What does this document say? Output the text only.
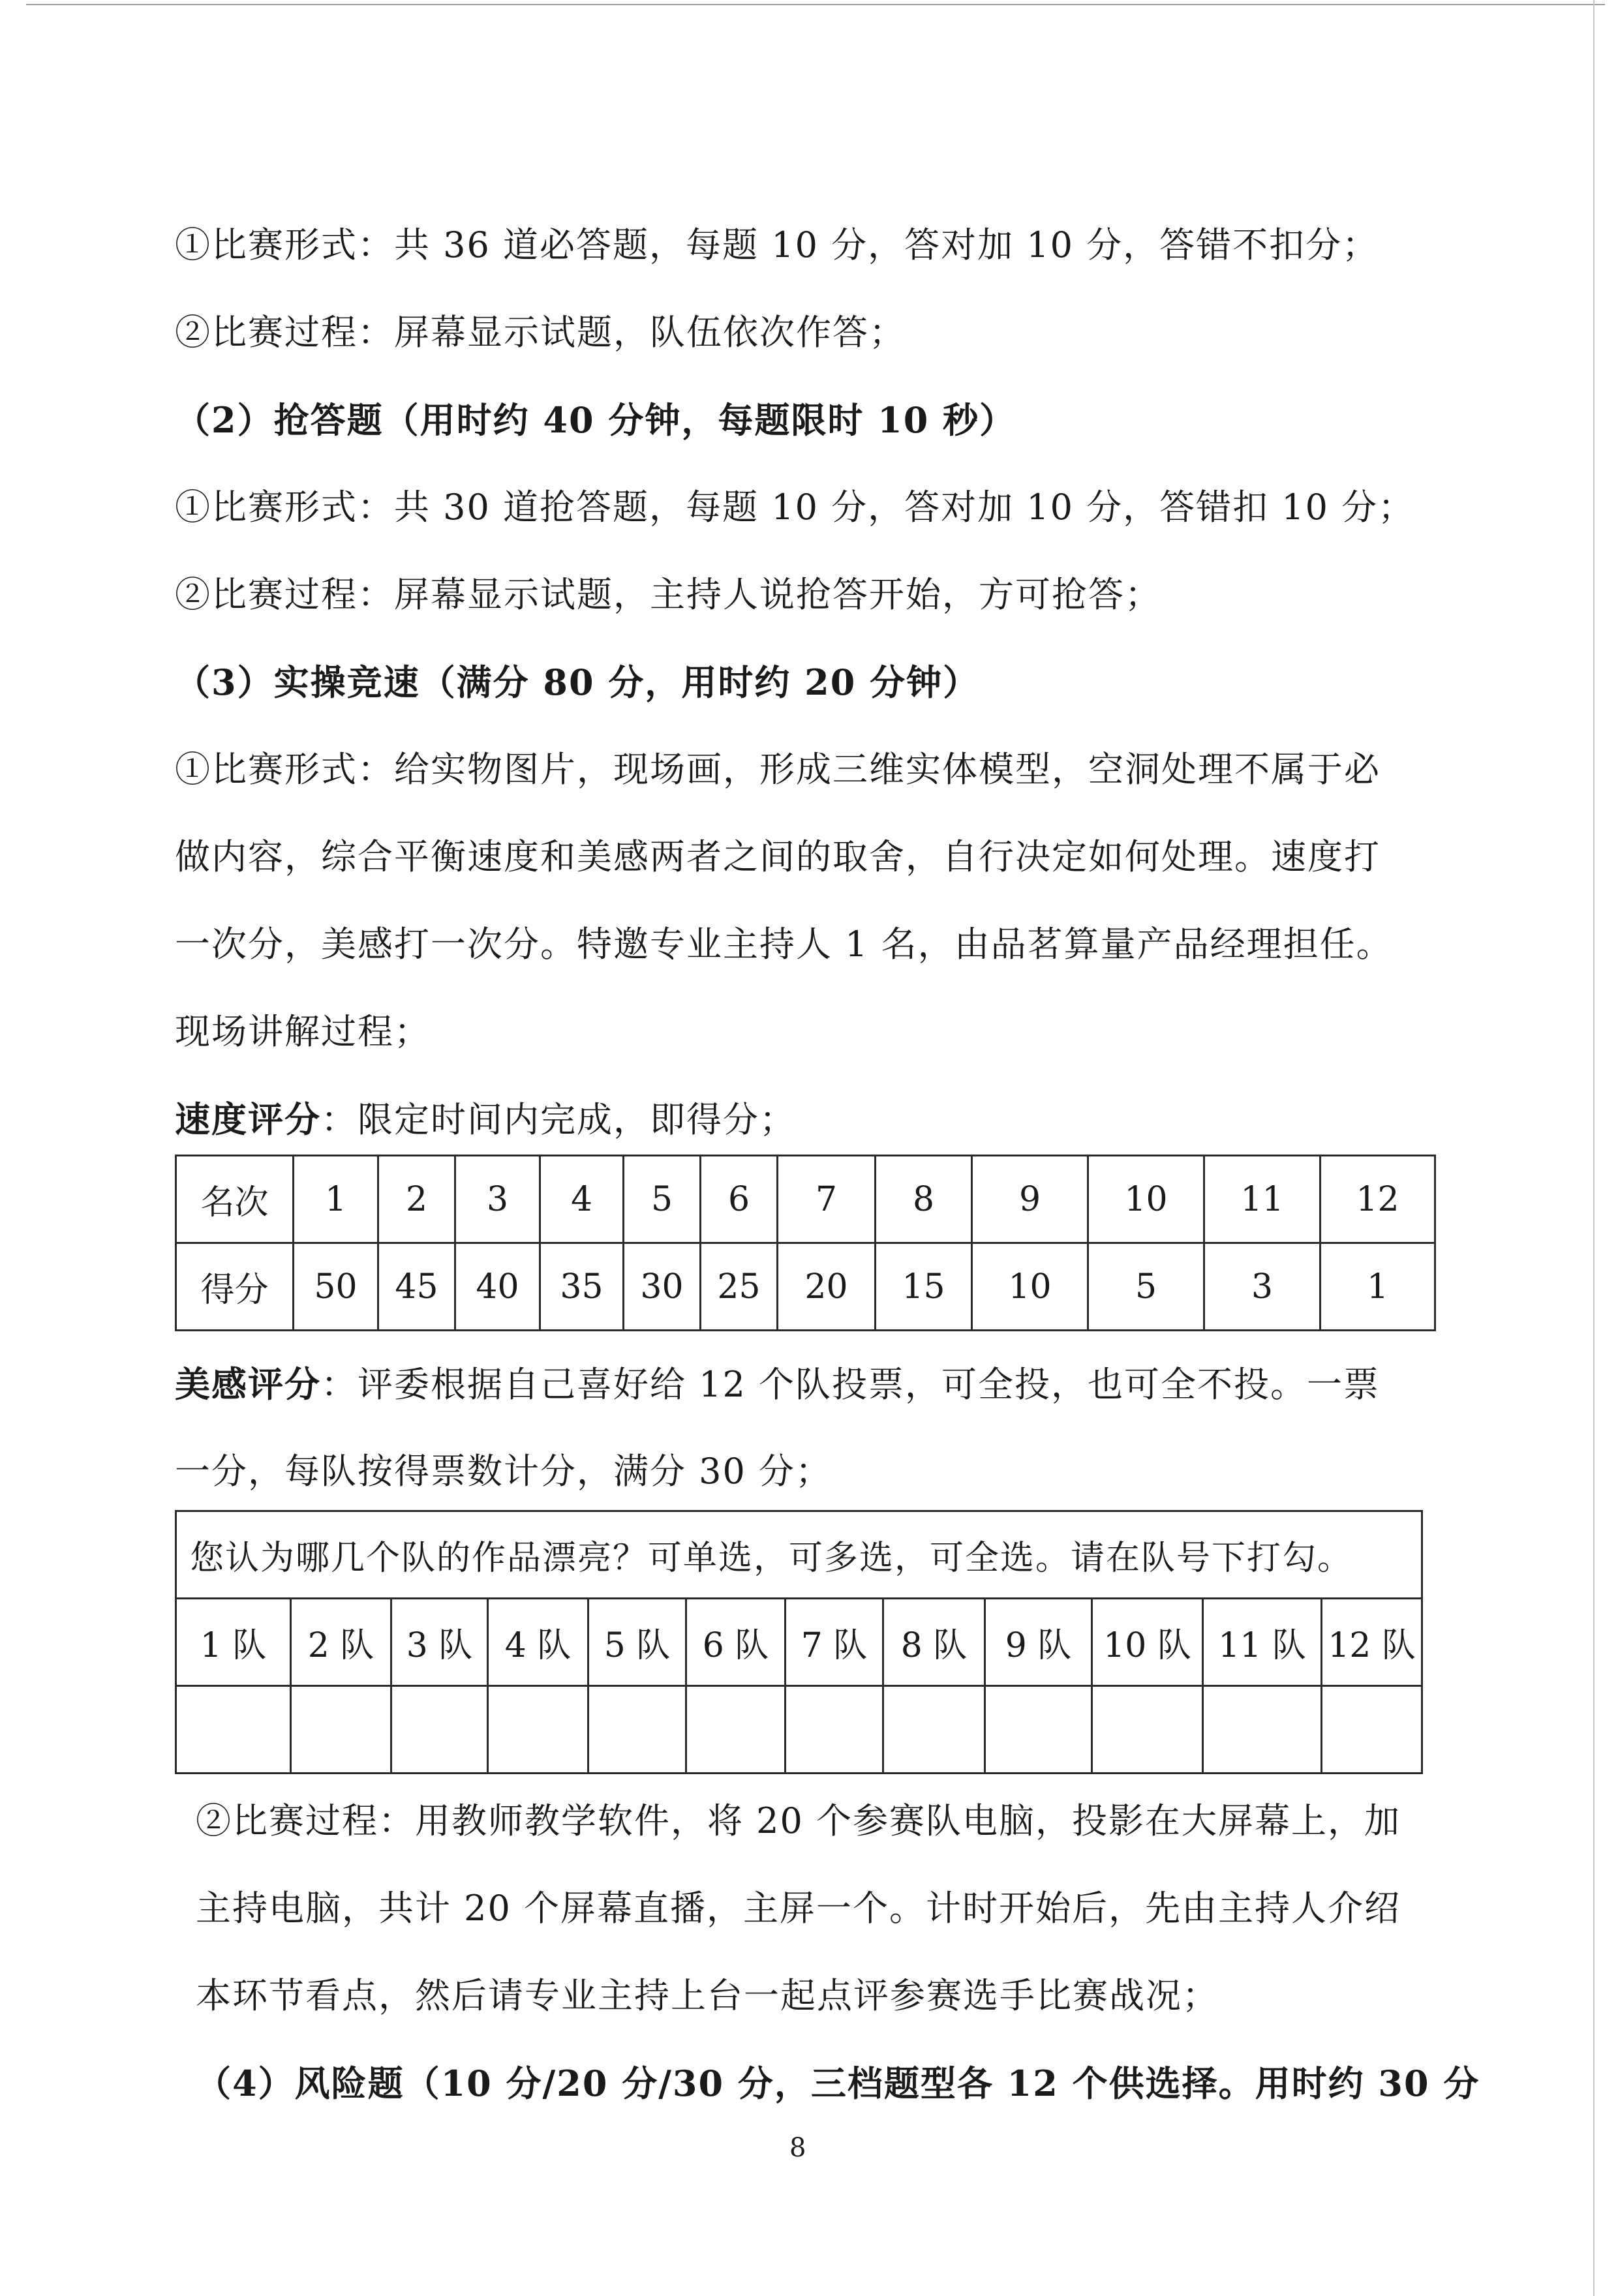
①比赛形式：共 36 道必答题，每题 10 分，答对加 10 分，答错不扣分；
②比赛过程：屏幕显示试题，队伍依次作答；
（2）抢答题（用时约 40 分钟，每题限时 10 秒）
①比赛形式：共 30 道抢答题，每题 10 分，答对加 10 分，答错扣 10 分；
②比赛过程：屏幕显示试题，主持人说抢答开始，方可抢答；
（3）实操竞速（满分 80 分，用时约 20 分钟）
①比赛形式：给实物图片，现场画，形成三维实体模型，空洞处理不属于必
做内容，综合平衡速度和美感两者之间的取舍，自行决定如何处理。速度打
一次分，美感打一次分。特邀专业主持人 1 名，由品茗算量产品经理担任。
现场讲解过程；
速度评分：限定时间内完成，即得分；
名次	1	2	3	4	5	6	7	8	9	10	11	12
得分	50	45	40	35	30	25	20	15	10	5	3	1
美感评分：评委根据自己喜好给 12 个队投票，可全投，也可全不投。一票
一分，每队按得票数计分，满分 30 分；
您认为哪几个队的作品漂亮？可单选，可多选，可全选。请在队号下打勾。											
1 队	2 队	3 队	4 队	5 队	6 队	7 队	8 队	9 队	10 队	11 队	12 队

②比赛过程：用教师教学软件，将 20 个参赛队电脑，投影在大屏幕上，加
主持电脑，共计 20 个屏幕直播，主屏一个。计时开始后，先由主持人介绍
本环节看点，然后请专业主持上台一起点评参赛选手比赛战况；
（4）风险题（10 分/20 分/30 分，三档题型各 12 个供选择。用时约 30 分
8
